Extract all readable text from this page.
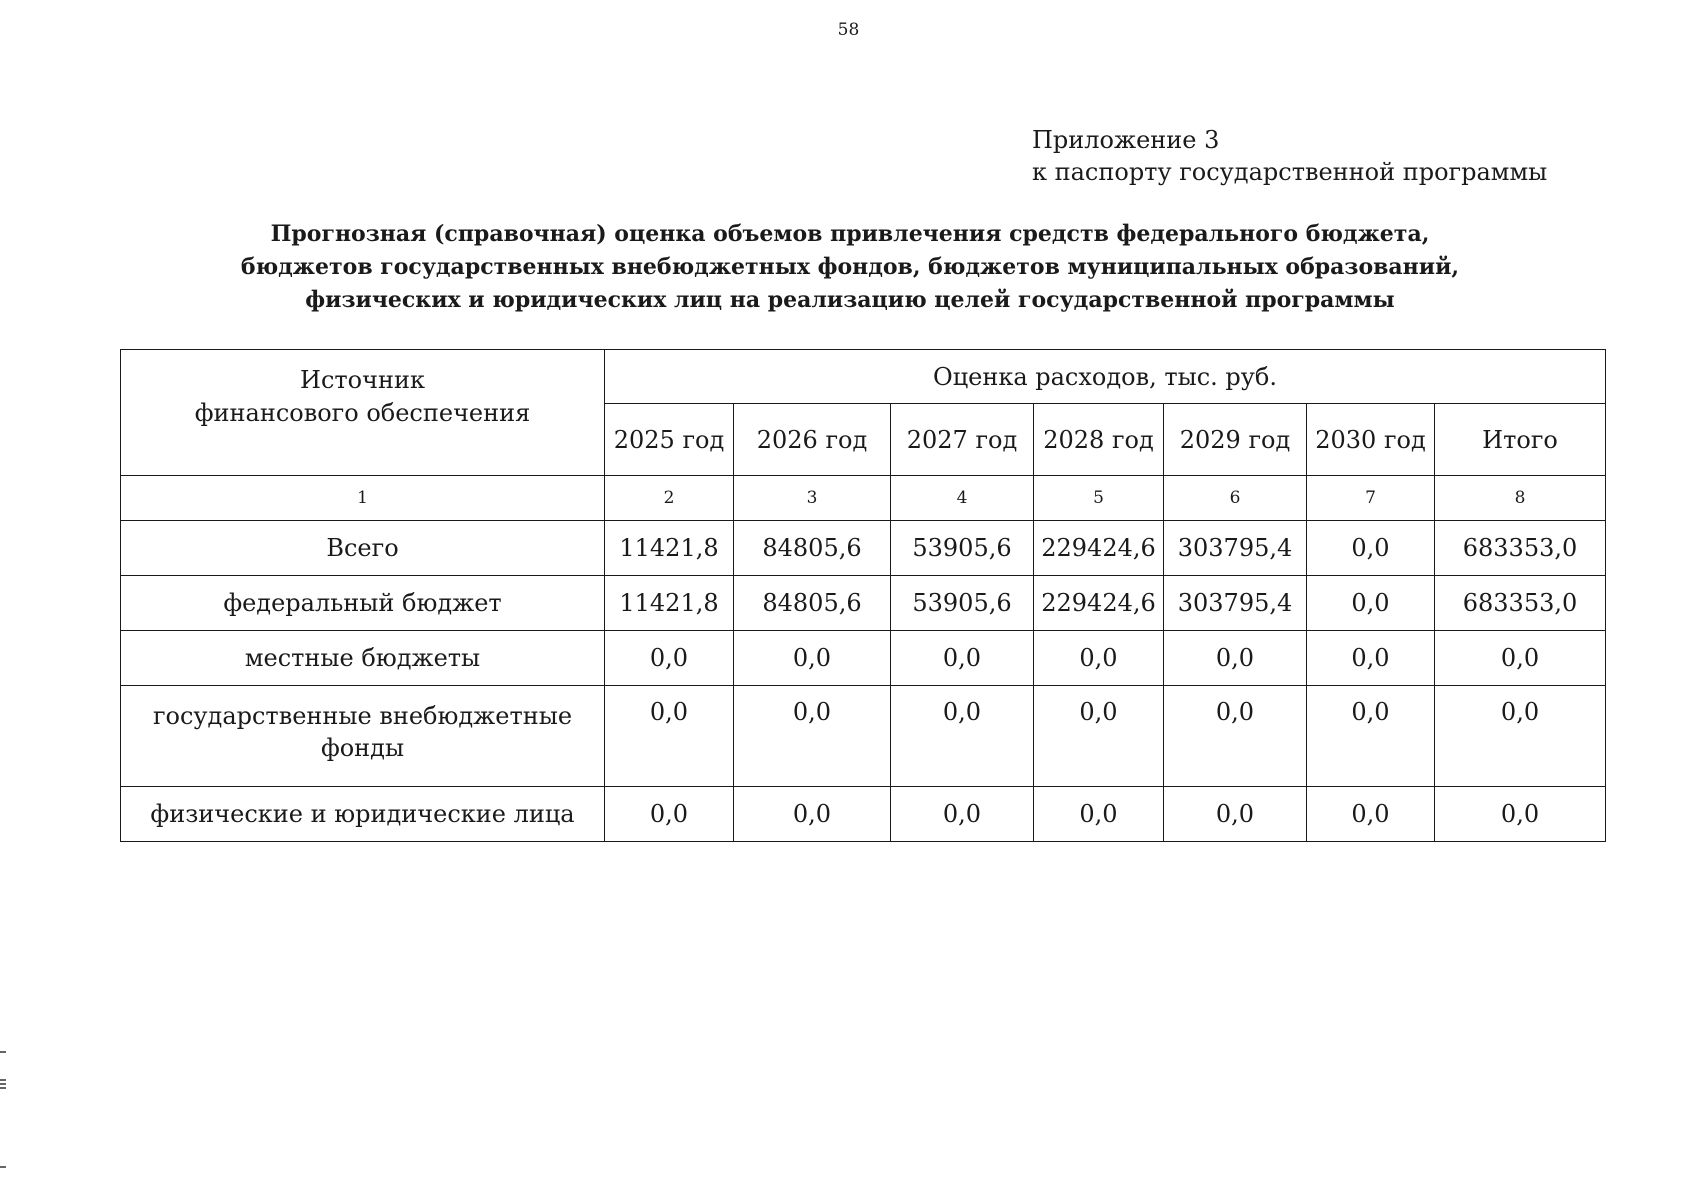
58
Приложение 3
к паспорту государственной программы
Прогнозная (справочная) оценка объемов привлечения средств федерального бюджета,
бюджетов государственных внебюджетных фондов, бюджетов муниципальных образований,
физических и юридических лиц на реализацию целей государственной программы
Источник
финансового обеспечения	Оценка расходов, тыс. руб.						
	2025 год	2026 год	2027 год	2028 год	2029 год	2030 год	Итого
1	2	3	4	5	6	7	8
Всего	11421,8	84805,6	53905,6	229424,6	303795,4	0,0	683353,0
федеральный бюджет	11421,8	84805,6	53905,6	229424,6	303795,4	0,0	683353,0
местные бюджеты	0,0	0,0	0,0	0,0	0,0	0,0	0,0
государственные внебюджетные фонды	0,0	0,0	0,0	0,0	0,0	0,0	0,0
физические и юридические лица	0,0	0,0	0,0	0,0	0,0	0,0	0,0
